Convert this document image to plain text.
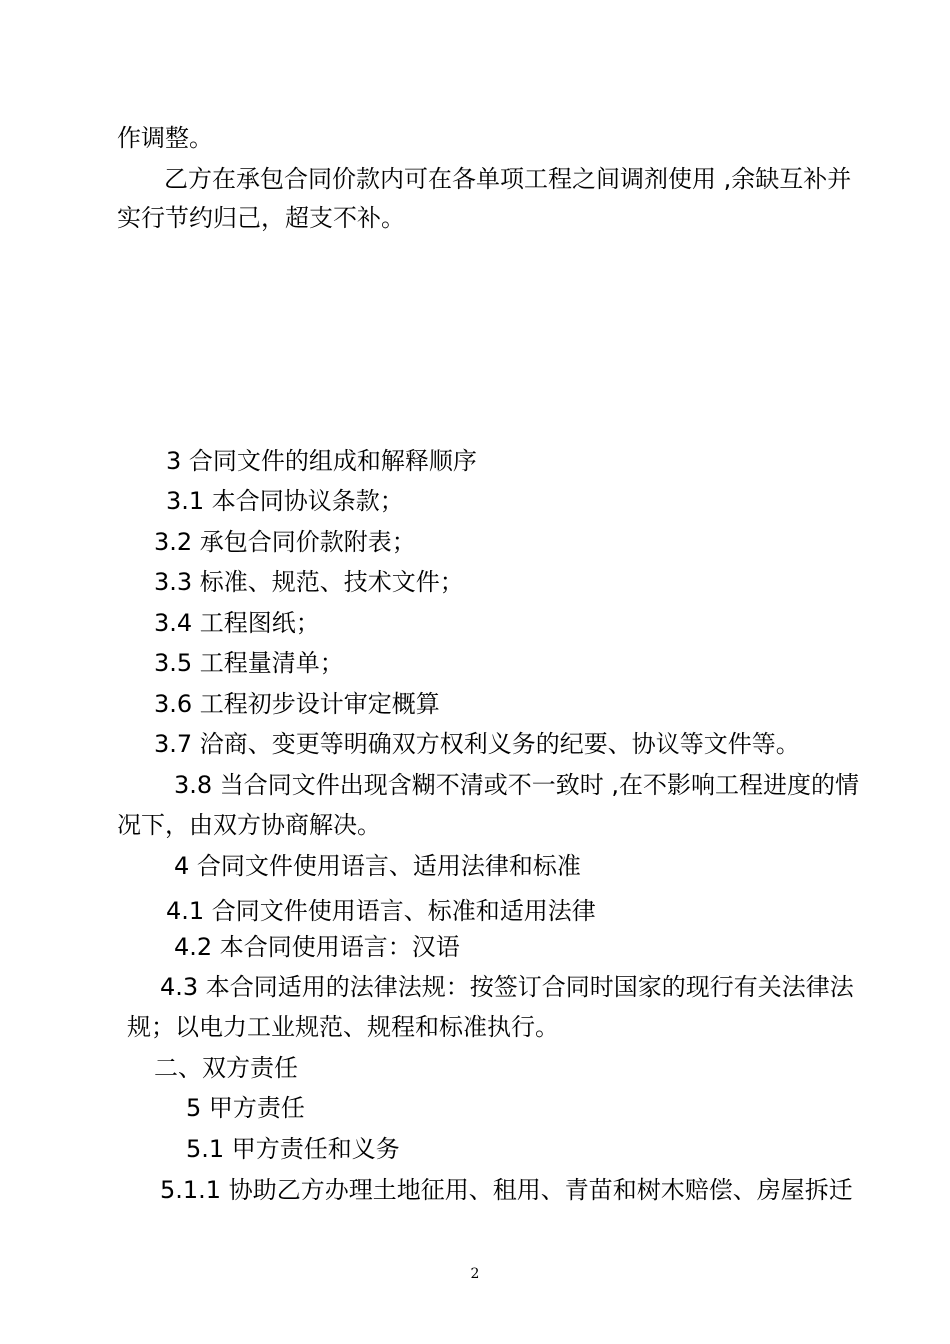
作调整。
乙方在承包合同价款内可在各单项工程之间调剂使用 ,余缺互补并
实行节约归己，超支不补。
3 合同文件的组成和解释顺序
3.1 本合同协议条款；
3.2 承包合同价款附表；
3.3 标准、规范、技术文件；
3.4 工程图纸；
3.5 工程量清单；
3.6 工程初步设计审定概算
3.7 洽商、变更等明确双方权利义务的纪要、协议等文件等。
3.8 当合同文件出现含糊不清或不一致时 ,在不影响工程进度的情
况下，由双方协商解决。
4 合同文件使用语言、适用法律和标准
4.1 合同文件使用语言、标准和适用法律
4.2 本合同使用语言：汉语
4.3 本合同适用的法律法规：按签订合同时国家的现行有关法律法
规；以电力工业规范、规程和标准执行。
二、双方责任
5 甲方责任
5.1 甲方责任和义务
5.1.1 协助乙方办理土地征用、租用、青苗和树木赔偿、房屋拆迁
2
